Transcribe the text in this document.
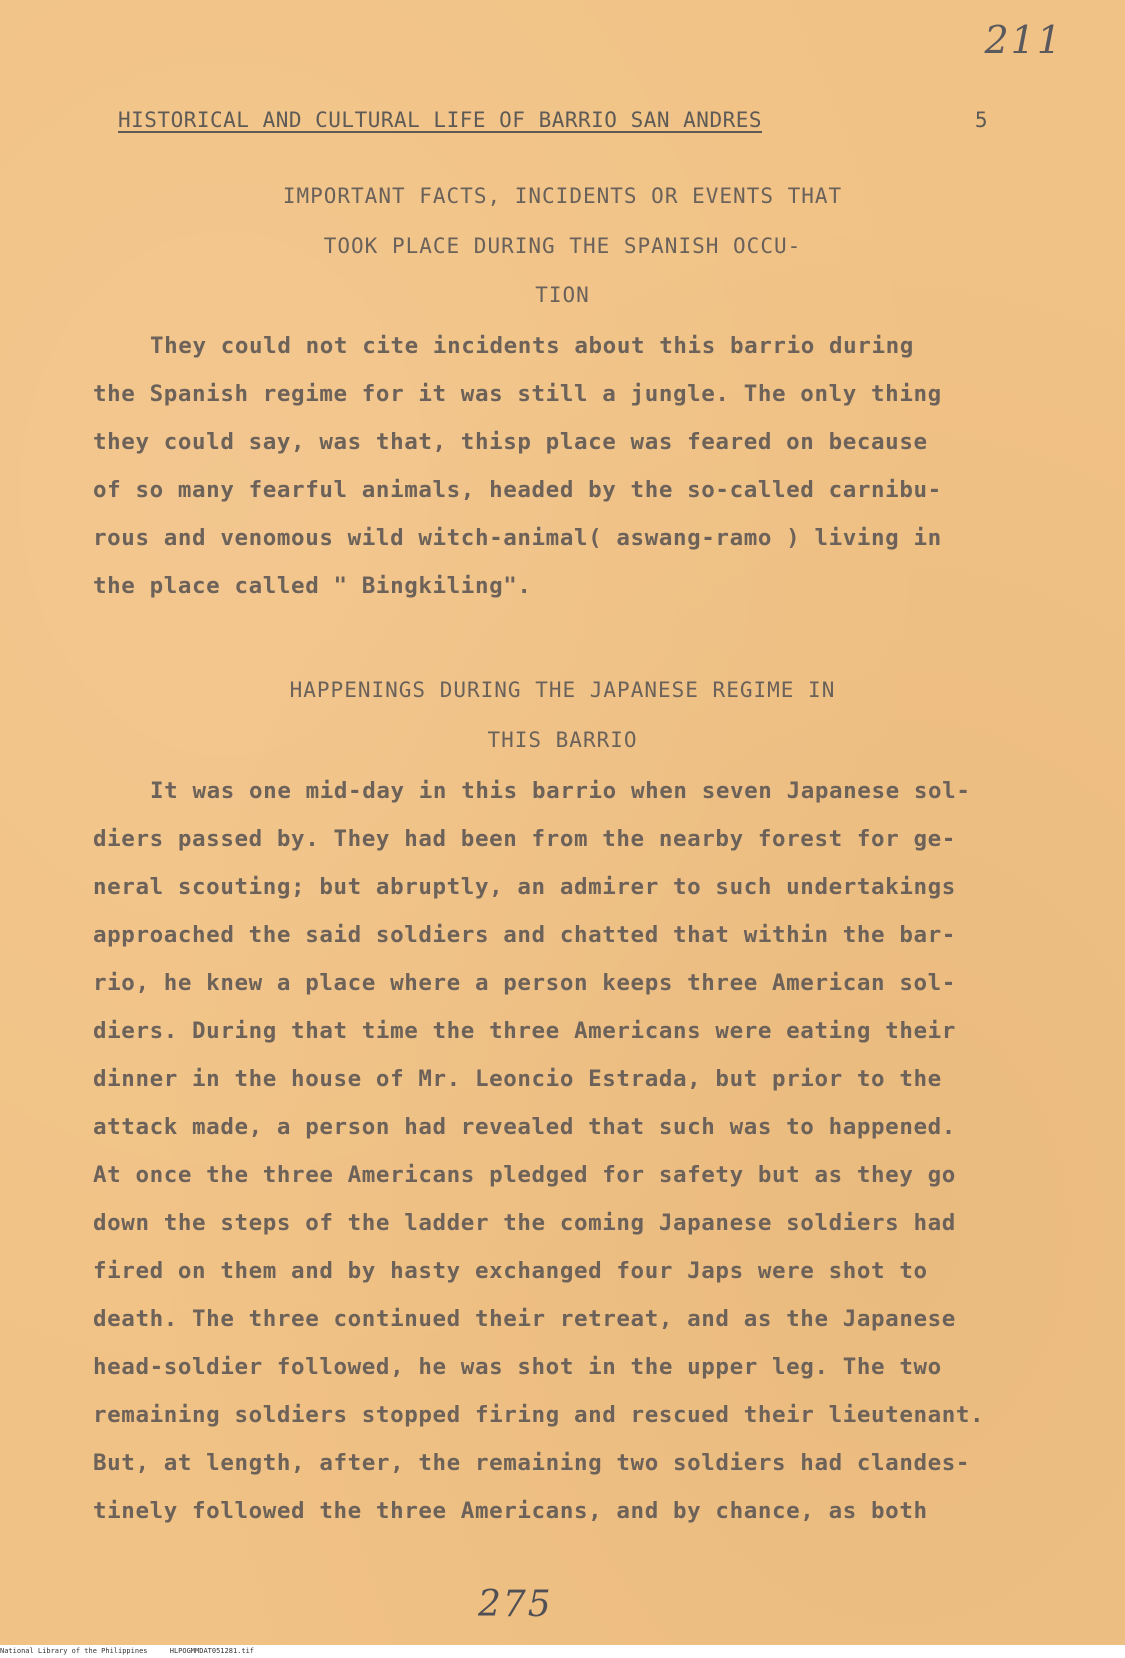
211
HISTORICAL AND CULTURAL LIFE OF BARRIO SAN ANDRES	5
IMPORTANT FACTS, INCIDENTS OR EVENTS THAT
TOOK PLACE DURING THE SPANISH OCCU-
TION
They could not cite incidents about this barrio during
the Spanish regime for it was still a jungle. The only thing
they could say, was that, thisp place was feared on because
of so many fearful animals, headed by the so-called carnibu-
rous and venomous wild witch-animal( aswang-ramo ) living in
the place called " Bingkiling".
HAPPENINGS DURING THE JAPANESE REGIME IN
THIS BARRIO
It was one mid-day in this barrio when seven Japanese sol-
diers passed by. They had been from the nearby forest for ge-
neral scouting; but abruptly, an admirer to such undertakings
approached the said soldiers and chatted that within the bar-
rio, he knew a place where a person keeps three American sol-
diers. During that time the three Americans were eating their
dinner in the house of Mr. Leoncio Estrada, but prior to the
attack made, a person had revealed that such was to happened.
At once the three Americans pledged for safety but as they go
down the steps of the ladder the coming Japanese soldiers had
fired on them and by hasty exchanged four Japs were shot to
death. The three continued their retreat, and as the Japanese
head-soldier followed, he was shot in the upper leg. The two
remaining soldiers stopped firing and rescued their lieutenant.
But, at length, after, the remaining two soldiers had clandes-
tinely followed the three Americans, and by chance, as both
275
National Library of the Philippines	HLPOGMMDAT051281.tif
